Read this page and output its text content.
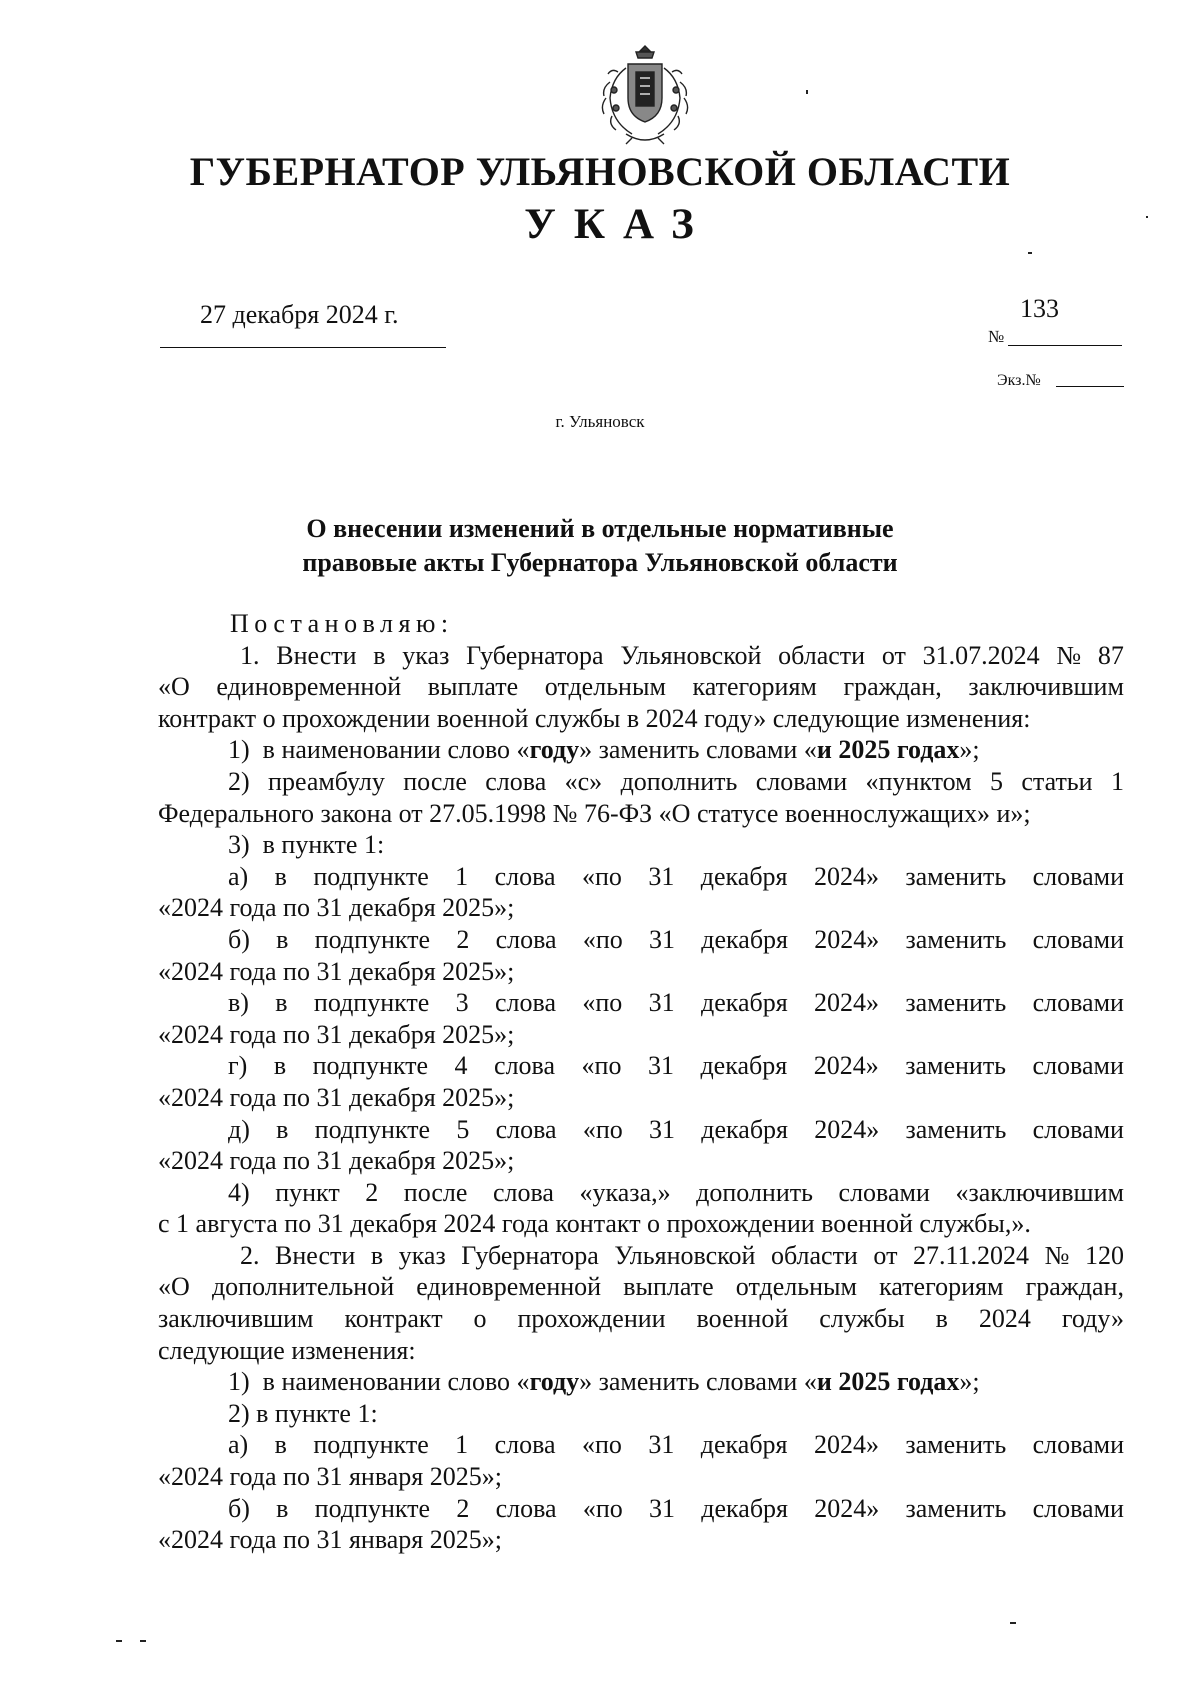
ГУБЕРНАТОР УЛЬЯНОВСКОЙ ОБЛАСТИ
УКАЗ
27 декабря 2024 г.	133
№
Экз.№
г. Ульяновск
О внесении изменений в отдельные нормативные
правовые акты Губернатора Ульяновской области
Постановляю:
1. Внести в указ Губернатора Ульяновской области от 31.07.2024 № 87
«О единовременной выплате отдельным категориям граждан, заключившим
контракт о прохождении военной службы в 2024 году» следующие изменения:
1) в наименовании слово «году» заменить словами «и 2025 годах»;
2) преамбулу после слова «с» дополнить словами «пунктом 5 статьи 1
Федерального закона от 27.05.1998 № 76-ФЗ «О статусе военнослужащих» и»;
3)  в пункте 1:
а) в подпункте 1 слова «по 31 декабря 2024» заменить словами
«2024 года по 31 декабря 2025»;
б) в подпункте 2 слова «по 31 декабря 2024» заменить словами
«2024 года по 31 декабря 2025»;
в) в подпункте 3 слова «по 31 декабря 2024» заменить словами
«2024 года по 31 декабря 2025»;
г) в подпункте 4 слова «по 31 декабря 2024» заменить словами
«2024 года по 31 декабря 2025»;
д) в подпункте 5 слова «по 31 декабря 2024» заменить словами
«2024 года по 31 декабря 2025»;
4) пункт 2 после слова «указа,» дополнить словами «заключившим
с 1 августа по 31 декабря 2024 года контакт о прохождении военной службы,».
2. Внести в указ Губернатора Ульяновской области от 27.11.2024 № 120
«О дополнительной единовременной выплате отдельным категориям граждан,
заключившим контракт о прохождении военной службы в 2024 году»
следующие изменения:
1) в наименовании слово «году» заменить словами «и 2025 годах»;
2) в пункте 1:
а) в подпункте 1 слова «по 31 декабря 2024» заменить словами
«2024 года по 31 января 2025»;
б) в подпункте 2 слова «по 31 декабря 2024» заменить словами
«2024 года по 31 января 2025»;
